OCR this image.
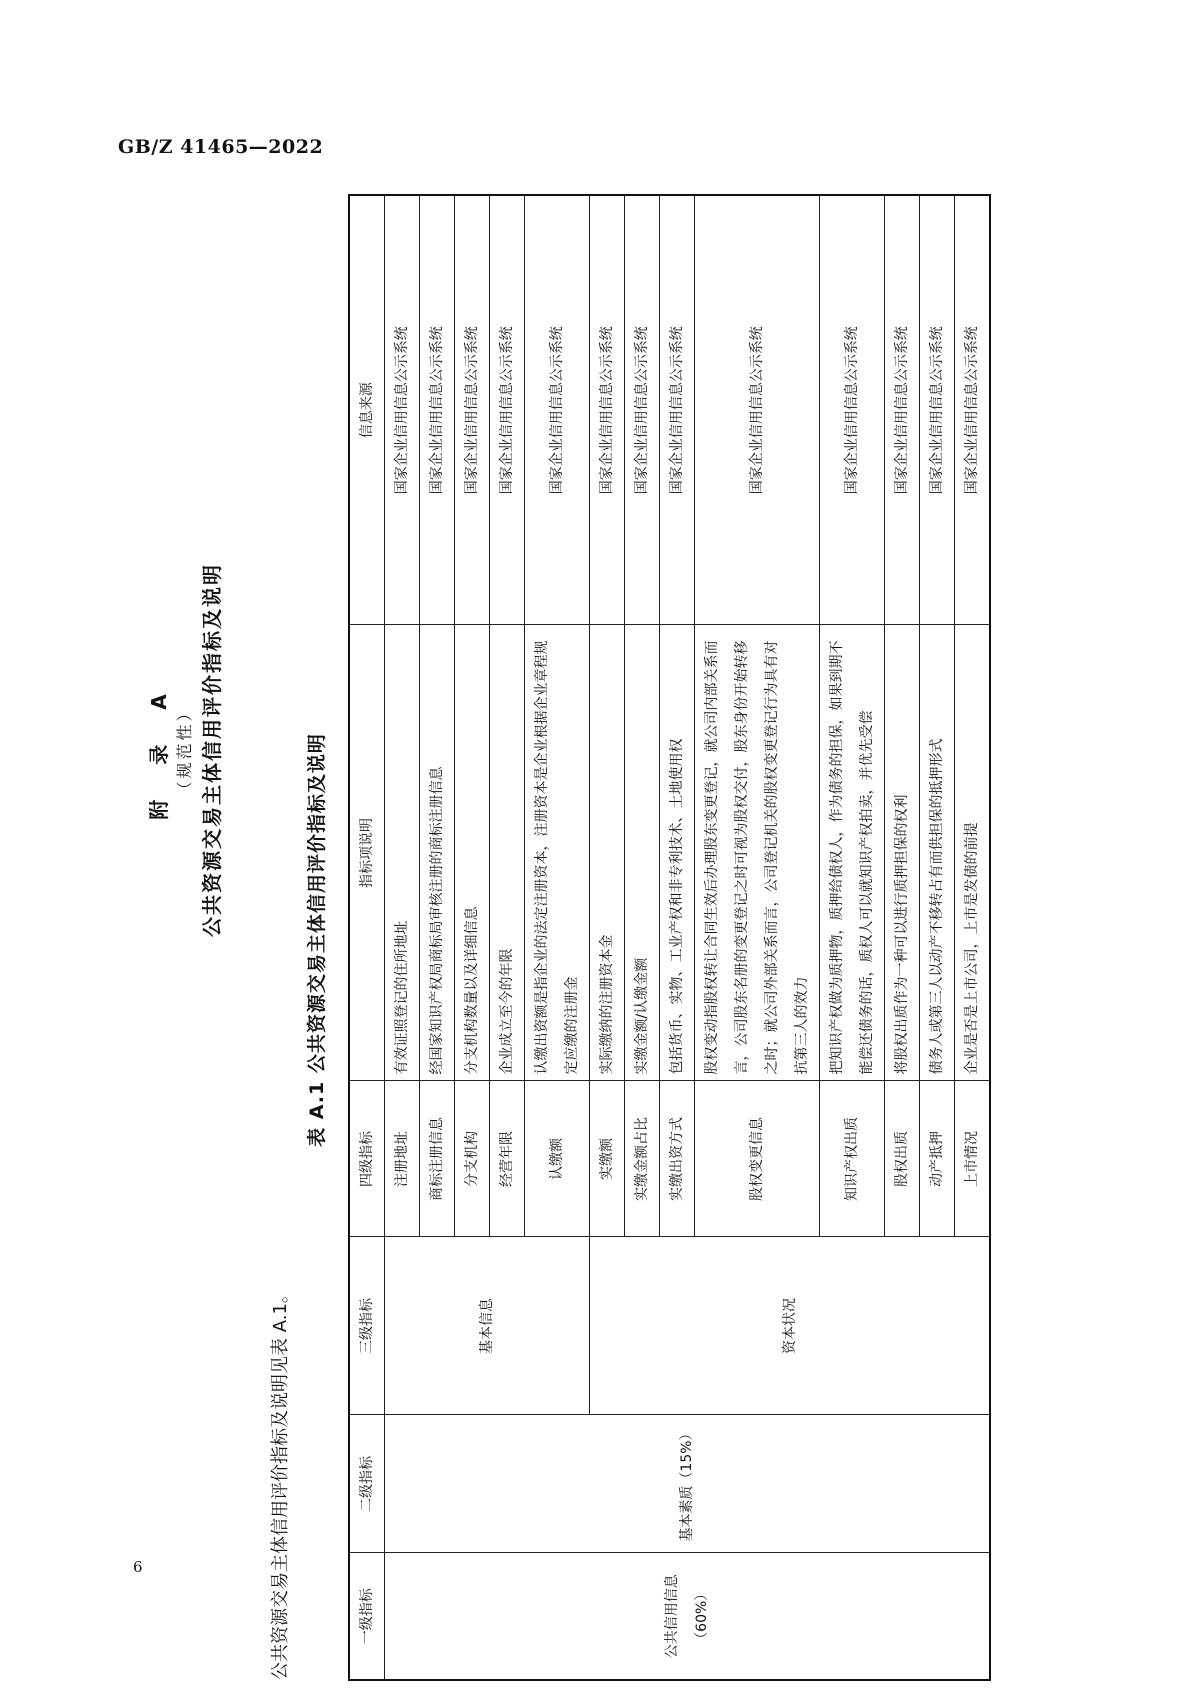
GB/Z 41465—2022
6	公共资源交易主体信用评价指标及说明见表 A.1。
表 A.1 公共资源交易主体信用评价指标及说明
一级指标	二级指标	三级指标	四级指标	指标项说明	信息来源
公共信用信息（60%）	基本素质（15%）	基本信息	注册地址	有效证照登记的住所地址	国家企业信用信息公示系统
			商标注册信息	经国家知识产权局商标局审核注册的商标注册信息	国家企业信用信息公示系统
			分支机构	分支机构数量以及详细信息	国家企业信用信息公示系统
			经营年限	企业成立至今的年限	国家企业信用信息公示系统
			认缴额	认缴出资额是指企业的法定注册资本，注册资本是企业根据企业章程规定应缴的注册金	国家企业信用信息公示系统
		资本状况	实缴额	实际缴纳的注册资本金	国家企业信用信息公示系统
			实缴金额占比	实缴金额/认缴金额	国家企业信用信息公示系统
			实缴出资方式	包括货币、实物、工业产权和非专利技术、土地使用权	国家企业信用信息公示系统
			股权变更信息	股权变动指股权转让合同生效后办理股东变更登记，就公司内部关系而言，公司股东名册的变更登记之时可视为股权交付，股东身份开始转移之时；就公司外部关系而言，公司登记机关的股权变更登记行为具有对抗第三人的效力	国家企业信用信息公示系统
			知识产权出质	把知识产权做为质押物，质押给债权人，作为债务的担保，如果到期不能偿还债务的话，质权人可以就知识产权拍卖，并优先受偿	国家企业信用信息公示系统
			股权出质	将股权出质作为一种可以进行质押担保的权利	国家企业信用信息公示系统
			动产抵押	债务人或第三人以动产不移转占有而供担保的抵押形式	国家企业信用信息公示系统
			上市情况	企业是否是上市公司，上市是发债的前提	国家企业信用信息公示系统
附 录 A （规范性） 公共资源交易主体信用评价指标及说明
